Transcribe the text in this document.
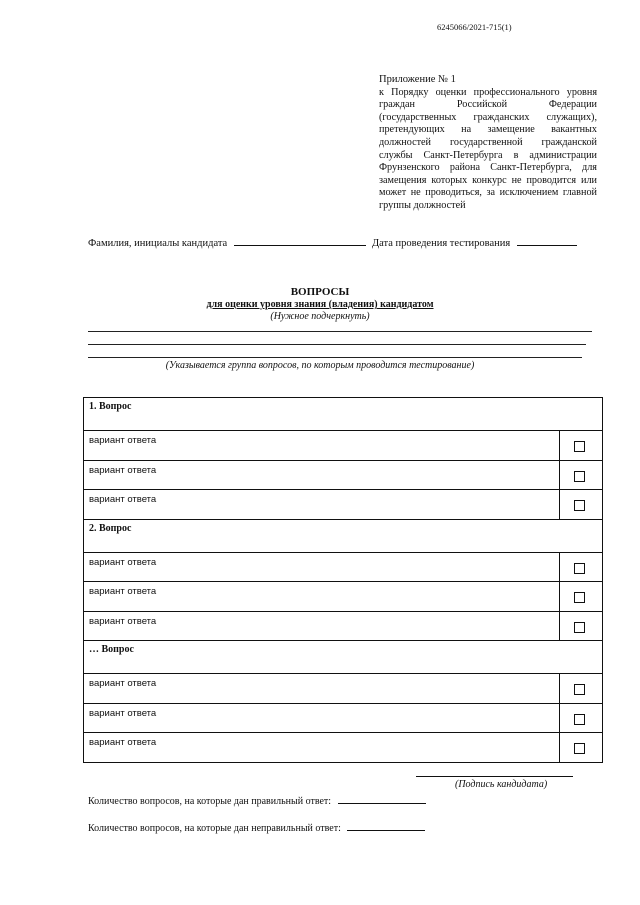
6245066/2021-715(1)
Приложение № 1
к Порядку оценки профессионального уровня граждан Российской Федерации (государственных гражданских служащих), претендующих на замещение вакантных должностей государственной гражданской службы Санкт-Петербурга в администрации Фрунзенского района Санкт-Петербурга, для замещения которых конкурс не проводится или может не проводиться, за исключением главной группы должностей
Фамилия, инициалы кандидата	Дата проведения тестирования
ВОПРОСЫ
для оценки уровня знания (владения) кандидатом
(Нужное подчеркнуть)
(Указывается группа вопросов, по которым проводится тестирование)
1. Вопрос
вариант ответа
вариант ответа
вариант ответа
2. Вопрос
вариант ответа
вариант ответа
вариант ответа
… Вопрос
вариант ответа
вариант ответа
вариант ответа
(Подпись кандидата)
Количество вопросов, на которые дан правильный ответ:
Количество вопросов, на которые дан неправильный ответ:
